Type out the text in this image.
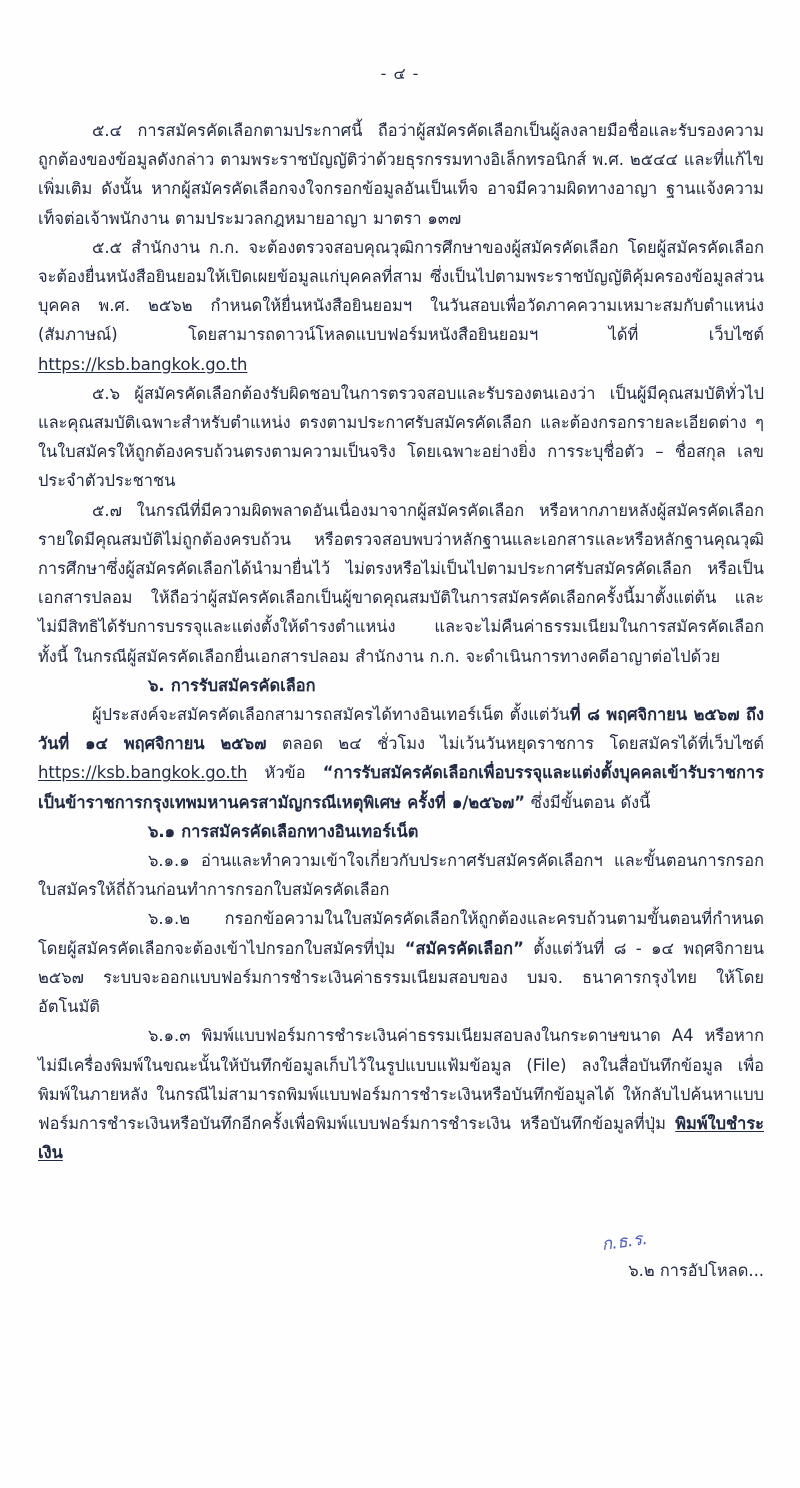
- ๔ -

๕.๔ การสมัครคัดเลือกตามประกาศนี้ ถือว่าผู้สมัครคัดเลือกเป็นผู้ลงลายมือชื่อและรับรองความถูกต้องของข้อมูลดังกล่าว ตามพระราชบัญญัติว่าด้วยธุรกรรมทางอิเล็กทรอนิกส์ พ.ศ. ๒๕๔๔ และที่แก้ไขเพิ่มเติม ดังนั้น หากผู้สมัครคัดเลือกจงใจกรอกข้อมูลอันเป็นเท็จ อาจมีความผิดทางอาญา ฐานแจ้งความเท็จต่อเจ้าพนักงาน ตามประมวลกฎหมายอาญา มาตรา ๑๓๗

๕.๕ สำนักงาน ก.ก. จะต้องตรวจสอบคุณวุฒิการศึกษาของผู้สมัครคัดเลือก โดยผู้สมัครคัดเลือกจะต้องยื่นหนังสือยินยอมให้เปิดเผยข้อมูลแก่บุคคลที่สาม ซึ่งเป็นไปตามพระราชบัญญัติคุ้มครองข้อมูลส่วนบุคคล พ.ศ. ๒๕๖๒ กำหนดให้ยื่นหนังสือยินยอมฯ ในวันสอบเพื่อวัดภาคความเหมาะสมกับตำแหน่ง (สัมภาษณ์) โดยสามารถดาวน์โหลดแบบฟอร์มหนังสือยินยอมฯ ได้ที่ เว็บไซต์ https://ksb.bangkok.go.th

๕.๖ ผู้สมัครคัดเลือกต้องรับผิดชอบในการตรวจสอบและรับรองตนเองว่า เป็นผู้มีคุณสมบัติทั่วไปและคุณสมบัติเฉพาะสำหรับตำแหน่ง ตรงตามประกาศรับสมัครคัดเลือก และต้องกรอกรายละเอียดต่าง ๆ ในใบสมัครให้ถูกต้องครบถ้วนตรงตามความเป็นจริง โดยเฉพาะอย่างยิ่ง การระบุชื่อตัว – ชื่อสกุล เลขประจำตัวประชาชน

๕.๗ ในกรณีที่มีความผิดพลาดอันเนื่องมาจากผู้สมัครคัดเลือก หรือหากภายหลังผู้สมัครคัดเลือกรายใดมีคุณสมบัติไม่ถูกต้องครบถ้วน หรือตรวจสอบพบว่าหลักฐานและเอกสารและหรือหลักฐานคุณวุฒิการศึกษาซึ่งผู้สมัครคัดเลือกได้นำมายื่นไว้ ไม่ตรงหรือไม่เป็นไปตามประกาศรับสมัครคัดเลือก หรือเป็นเอกสารปลอม ให้ถือว่าผู้สมัครคัดเลือกเป็นผู้ขาดคุณสมบัติในการสมัครคัดเลือกครั้งนี้มาตั้งแต่ต้น และไม่มีสิทธิได้รับการบรรจุและแต่งตั้งให้ดำรงตำแหน่ง และจะไม่คืนค่าธรรมเนียมในการสมัครคัดเลือก ทั้งนี้ ในกรณีผู้สมัครคัดเลือกยื่นเอกสารปลอม สำนักงาน ก.ก. จะดำเนินการทางคดีอาญาต่อไปด้วย

๖. การรับสมัครคัดเลือก

ผู้ประสงค์จะสมัครคัดเลือกสามารถสมัครได้ทางอินเทอร์เน็ต ตั้งแต่วันที่ ๘ พฤศจิกายน ๒๕๖๗ ถึงวันที่ ๑๔ พฤศจิกายน ๒๕๖๗ ตลอด ๒๔ ชั่วโมง ไม่เว้นวันหยุดราชการ โดยสมัครได้ที่เว็บไซต์ https://ksb.bangkok.go.th หัวข้อ “การรับสมัครคัดเลือกเพื่อบรรจุและแต่งตั้งบุคคลเข้ารับราชการเป็นข้าราชการกรุงเทพมหานครสามัญกรณีเหตุพิเศษ ครั้งที่ ๑/๒๕๖๗” ซึ่งมีขั้นตอน ดังนี้

๖.๑ การสมัครคัดเลือกทางอินเทอร์เน็ต

๖.๑.๑ อ่านและทำความเข้าใจเกี่ยวกับประกาศรับสมัครคัดเลือกฯ และขั้นตอนการกรอกใบสมัครให้ถี่ถ้วนก่อนทำการกรอกใบสมัครคัดเลือก

๖.๑.๒ กรอกข้อความในใบสมัครคัดเลือกให้ถูกต้องและครบถ้วนตามขั้นตอนที่กำหนด โดยผู้สมัครคัดเลือกจะต้องเข้าไปกรอกใบสมัครที่ปุ่ม “สมัครคัดเลือก” ตั้งแต่วันที่ ๘ - ๑๔ พฤศจิกายน ๒๕๖๗ ระบบจะออกแบบฟอร์มการชำระเงินค่าธรรมเนียมสอบของ บมจ. ธนาคารกรุงไทย ให้โดยอัตโนมัติ

๖.๑.๓ พิมพ์แบบฟอร์มการชำระเงินค่าธรรมเนียมสอบลงในกระดาษขนาด A4 หรือหากไม่มีเครื่องพิมพ์ในขณะนั้นให้บันทึกข้อมูลเก็บไว้ในรูปแบบแฟ้มข้อมูล (File) ลงในสื่อบันทึกข้อมูล เพื่อพิมพ์ในภายหลัง ในกรณีไม่สามารถพิมพ์แบบฟอร์มการชำระเงินหรือบันทึกข้อมูลได้ ให้กลับไปค้นหาแบบฟอร์มการชำระเงินหรือบันทึกอีกครั้งเพื่อพิมพ์แบบฟอร์มการชำระเงิน หรือบันทึกข้อมูลที่ปุ่ม พิมพ์ใบชำระเงิน

ก.ธ.ร.
๖.๒ การอัปโหลด...
